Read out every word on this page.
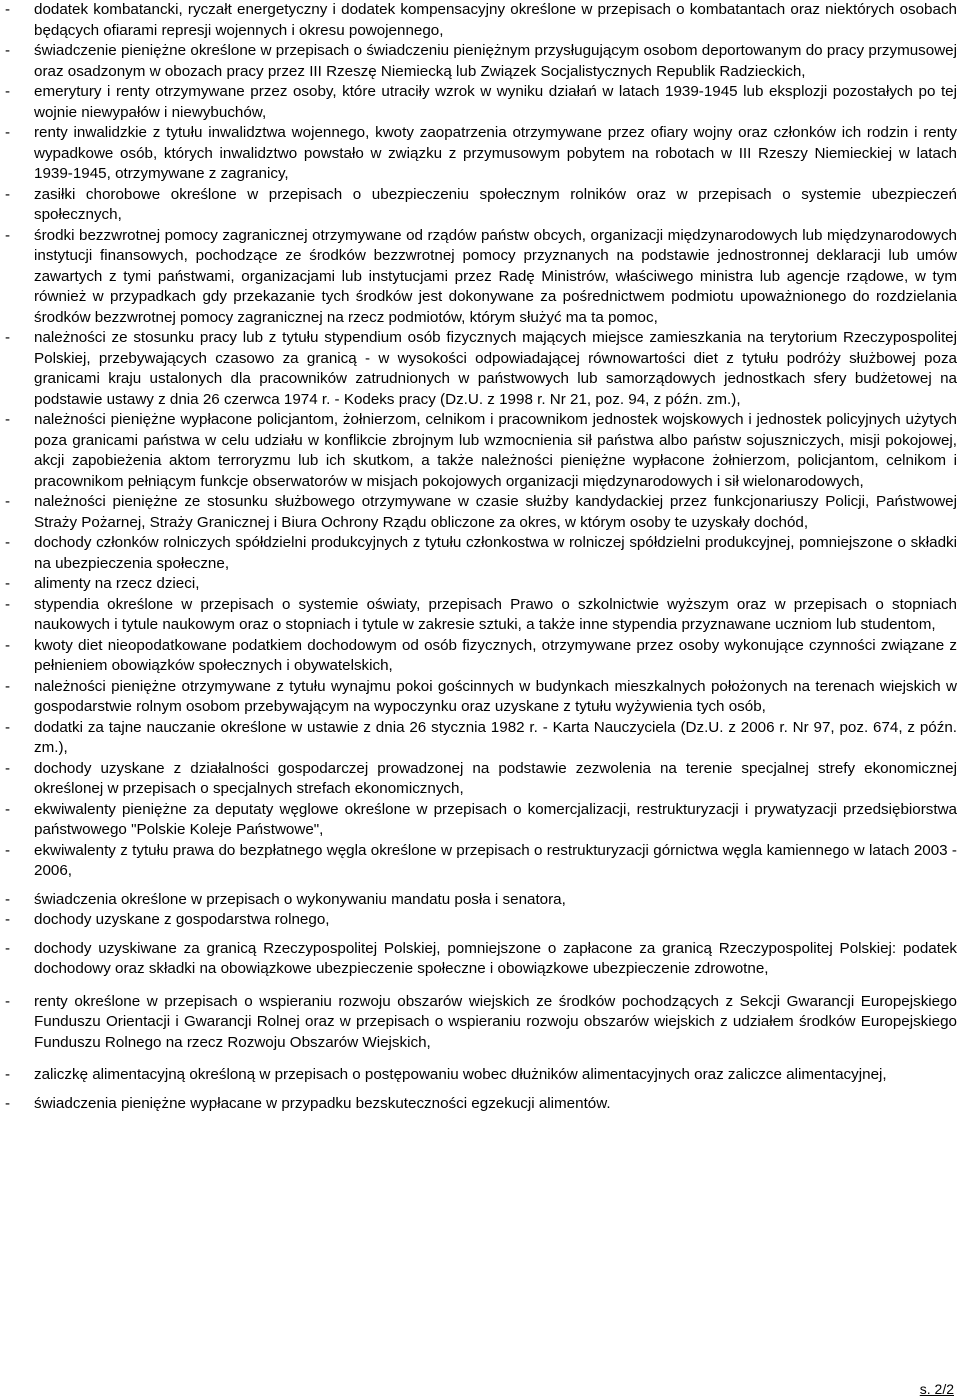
- dodatek kombatancki, ryczałt energetyczny i dodatek kompensacyjny określone w przepisach o kombatantach oraz niektórych osobach będących ofiarami represji wojennych i okresu powojennego,

- świadczenie pieniężne określone w przepisach o świadczeniu pieniężnym przysługującym osobom deportowanym do pracy przymusowej oraz osadzonym w obozach pracy przez III Rzeszę Niemiecką lub Związek Socjalistycznych Republik Radzieckich,

- emerytury i renty otrzymywane przez osoby, które utraciły wzrok w wyniku działań w latach 1939-1945 lub eksplozji pozostałych po tej wojnie niewypałów i niewybuchów,

- renty inwalidzkie z tytułu inwalidztwa wojennego, kwoty zaopatrzenia otrzymywane przez ofiary wojny oraz członków ich rodzin i renty wypadkowe osób, których inwalidztwo powstało w związku z przymusowym pobytem na robotach w III Rzeszy Niemieckiej w latach 1939-1945, otrzymywane z zagranicy,

- zasiłki chorobowe określone w przepisach o ubezpieczeniu społecznym rolników oraz w przepisach o systemie ubezpieczeń społecznych,

- środki bezzwrotnej pomocy zagranicznej otrzymywane od rządów państw obcych, organizacji międzynarodowych lub międzynarodowych instytucji finansowych, pochodzące ze środków bezzwrotnej pomocy przyznanych na podstawie jednostronnej deklaracji lub umów zawartych z tymi państwami, organizacjami lub instytucjami przez Radę Ministrów, właściwego ministra lub agencje rządowe, w tym również w przypadkach gdy przekazanie tych środków jest dokonywane za pośrednictwem podmiotu upoważnionego do rozdzielania środków bezzwrotnej pomocy zagranicznej na rzecz podmiotów, którym służyć ma ta pomoc,

- należności ze stosunku pracy lub z tytułu stypendium osób fizycznych mających miejsce zamieszkania na terytorium Rzeczypospolitej Polskiej, przebywających czasowo za granicą - w wysokości odpowiadającej równowartości diet z tytułu podróży służbowej poza granicami kraju ustalonych dla pracowników zatrudnionych w państwowych lub samorządowych jednostkach sfery budżetowej na podstawie ustawy z dnia 26 czerwca 1974 r. - Kodeks pracy (Dz.U. z 1998 r. Nr 21, poz. 94, z późn. zm.),

- należności pieniężne wypłacone policjantom, żołnierzom, celnikom i pracownikom jednostek wojskowych i jednostek policyjnych użytych poza granicami państwa w celu udziału w konflikcie zbrojnym lub wzmocnienia sił państwa albo państw sojuszniczych, misji pokojowej, akcji zapobieżenia aktom terroryzmu lub ich skutkom, a także należności pieniężne wypłacone żołnierzom, policjantom, celnikom i pracownikom pełniącym funkcje obserwatorów w misjach pokojowych organizacji międzynarodowych i sił wielonarodowych,

- należności pieniężne ze stosunku służbowego otrzymywane w czasie służby kandydackiej przez funkcjonariuszy Policji, Państwowej Straży Pożarnej, Straży Granicznej i Biura Ochrony Rządu obliczone za okres, w którym osoby te uzyskały dochód,

- dochody członków rolniczych spółdzielni produkcyjnych z tytułu członkostwa w rolniczej spółdzielni produkcyjnej, pomniejszone o składki na ubezpieczenia społeczne,

- alimenty na rzecz dzieci,

- stypendia określone w przepisach o systemie oświaty, przepisach Prawo o szkolnictwie wyższym oraz w przepisach o stopniach naukowych i tytule naukowym oraz o stopniach i tytule w zakresie sztuki, a także inne stypendia przyznawane uczniom lub studentom,

- kwoty diet nieopodatkowane podatkiem dochodowym od osób fizycznych, otrzymywane przez osoby wykonujące czynności związane z pełnieniem obowiązków społecznych i obywatelskich,

- należności pieniężne otrzymywane z tytułu wynajmu pokoi gościnnych w budynkach mieszkalnych położonych na terenach wiejskich w gospodarstwie rolnym osobom przebywającym na wypoczynku oraz uzyskane z tytułu wyżywienia tych osób,

- dodatki za tajne nauczanie określone w ustawie z dnia 26 stycznia 1982 r. - Karta Nauczyciela (Dz.U. z 2006 r. Nr 97, poz. 674, z późn. zm.),

- dochody uzyskane z działalności gospodarczej prowadzonej na podstawie zezwolenia na terenie specjalnej strefy ekonomicznej określonej w przepisach o specjalnych strefach ekonomicznych,

- ekwiwalenty pieniężne za deputaty węglowe określone w przepisach o komercjalizacji, restrukturyzacji i prywatyzacji przedsiębiorstwa państwowego "Polskie Koleje Państwowe",

- ekwiwalenty z tytułu prawa do bezpłatnego węgla określone w przepisach o restrukturyzacji górnictwa węgla kamiennego w latach 2003 - 2006,

- świadczenia określone w przepisach o wykonywaniu mandatu posła i senatora,

- dochody uzyskane z gospodarstwa rolnego,

- dochody uzyskiwane za granicą Rzeczypospolitej Polskiej, pomniejszone o zapłacone za granicą Rzeczypospolitej Polskiej: podatek dochodowy oraz składki na obowiązkowe ubezpieczenie społeczne i obowiązkowe ubezpieczenie zdrowotne,

- renty określone w przepisach o wspieraniu rozwoju obszarów wiejskich ze środków pochodzących z Sekcji Gwarancji Europejskiego Funduszu Orientacji i Gwarancji Rolnej oraz w przepisach o wspieraniu rozwoju obszarów wiejskich z udziałem środków Europejskiego Funduszu Rolnego na rzecz Rozwoju Obszarów Wiejskich,

- zaliczkę alimentacyjną określoną w przepisach o postępowaniu wobec dłużników alimentacyjnych oraz zaliczce alimentacyjnej,

- świadczenia pieniężne wypłacane w przypadku bezskuteczności egzekucji alimentów.

s. 2/2
